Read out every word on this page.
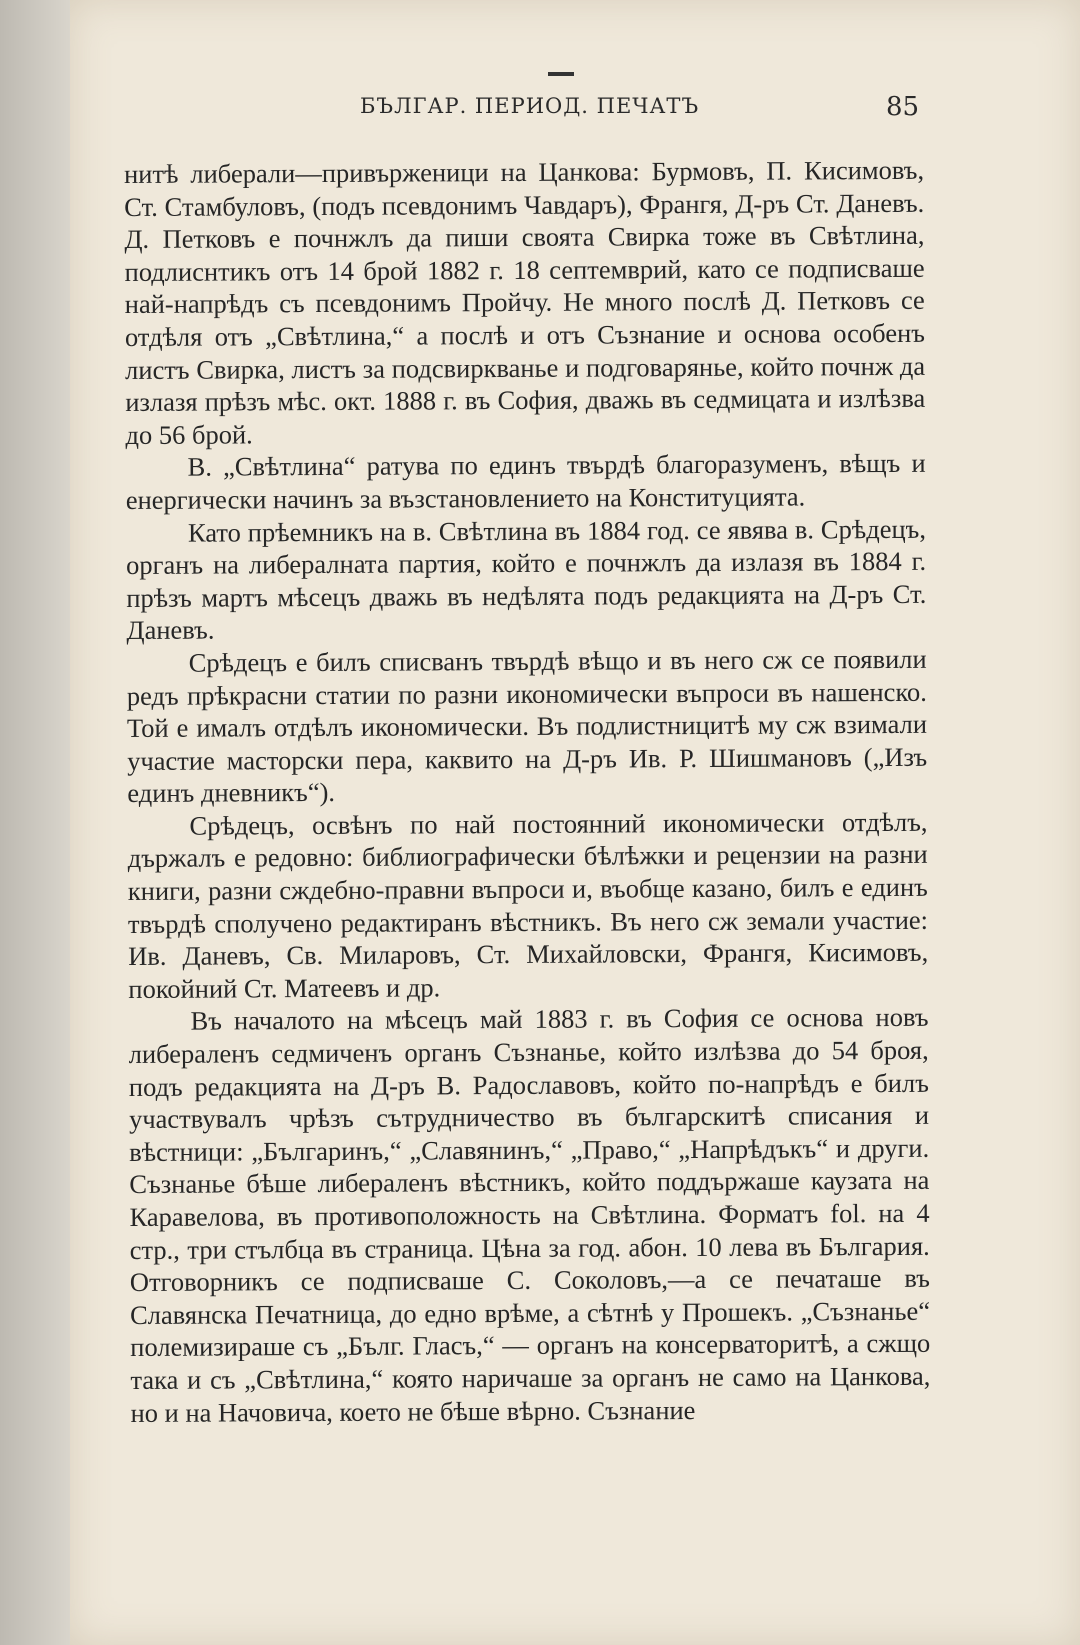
БЪЛГАР. ПЕРИОД. ПЕЧАТЪ	85

нитѣ либерали—привърженици на Цанкова: Бурмовъ, П. Кисимовъ, Ст. Стамбуловъ, (подъ псевдонимъ Чавдаръ), Франгя, Д-ръ Ст. Даневъ. Д. Петковъ е почнжлъ да пиши своята Свирка тоже въ Свѣтлина, подлиснтикъ отъ 14 брой 1882 г. 18 септемврий, като се подписваше най-напрѣдъ съ псевдонимъ Пройчу. Не много послѣ Д. Петковъ се отдѣля отъ „Свѣтлина,“ а послѣ и отъ Съзнание и основа особенъ листъ Свирка, листъ за подсвиркванье и подговарянье, който почнж да излазя прѣзъ мѣс. окт. 1888 г. въ София, дважь въ седмицата и излѣзва до 56 брой.

В. „Свѣтлина“ ратува по единъ твърдѣ благоразуменъ, вѣщъ и енергически начинъ за възстановлението на Конституцията.

Като прѣемникъ на в. Свѣтлина въ 1884 год. се явява в. Срѣдецъ, органъ на либералната партия, който е почнжлъ да излазя въ 1884 г. прѣзъ мартъ мѣсецъ дважь въ недѣлята подъ редакцията на Д-ръ Ст. Даневъ.

Срѣдецъ е билъ списванъ твърдѣ вѣщо и въ него сж се появили редъ прѣкрасни статии по разни икономически въпроси въ нашенско. Той е ималъ отдѣлъ икономически. Въ подлистницитѣ му сж взимали участие масторски пера, каквито на Д-ръ Ив. Р. Шишмановъ („Изъ единъ дневникъ“).

Срѣдецъ, освѣнъ по най постоянний икономически отдѣлъ, държалъ е редовно: библиографически бѣлѣжки и рецензии на разни книги, разни сждебно-правни въпроси и, въобще казано, билъ е единъ твърдѣ сполучено редактиранъ вѣстникъ. Въ него сж земали участие: Ив. Даневъ, Св. Миларовъ, Ст. Михайловски, Франгя, Кисимовъ, покойний Ст. Матеевъ и др.

Въ началото на мѣсецъ май 1883 г. въ София се основа новъ либераленъ седмиченъ органъ Съзнанье, който излѣзва до 54 броя, подъ редакцията на Д-ръ В. Радославовъ, който по-напрѣдъ е билъ участвувалъ чрѣзъ сътрудничество въ българскитѣ списания и вѣстници: „Българинъ,“ „Славянинъ,“ „Право,“ „Напрѣдъкъ“ и други. Съзнанье бѣше либераленъ вѣстникъ, който поддържаше каузата на Каравелова, въ противоположность на Свѣтлина. Форматъ fol. на 4 стр., три стълбца въ страница. Цѣна за год. абон. 10 лева въ България. Отговорникъ се подписваше С. Соколовъ,—а се печаташе въ Славянска Печатница, до едно врѣме, а сѣтнѣ у Прошекъ. „Съзнанье“ полемизираше съ „Бълг. Гласъ,“ — органъ на консерваторитѣ, а сжщо така и съ „Свѣтлина,“ която наричаше за органъ не само на Цанкова, но и на Начовича, което не бѣше вѣрно. Съзнание
